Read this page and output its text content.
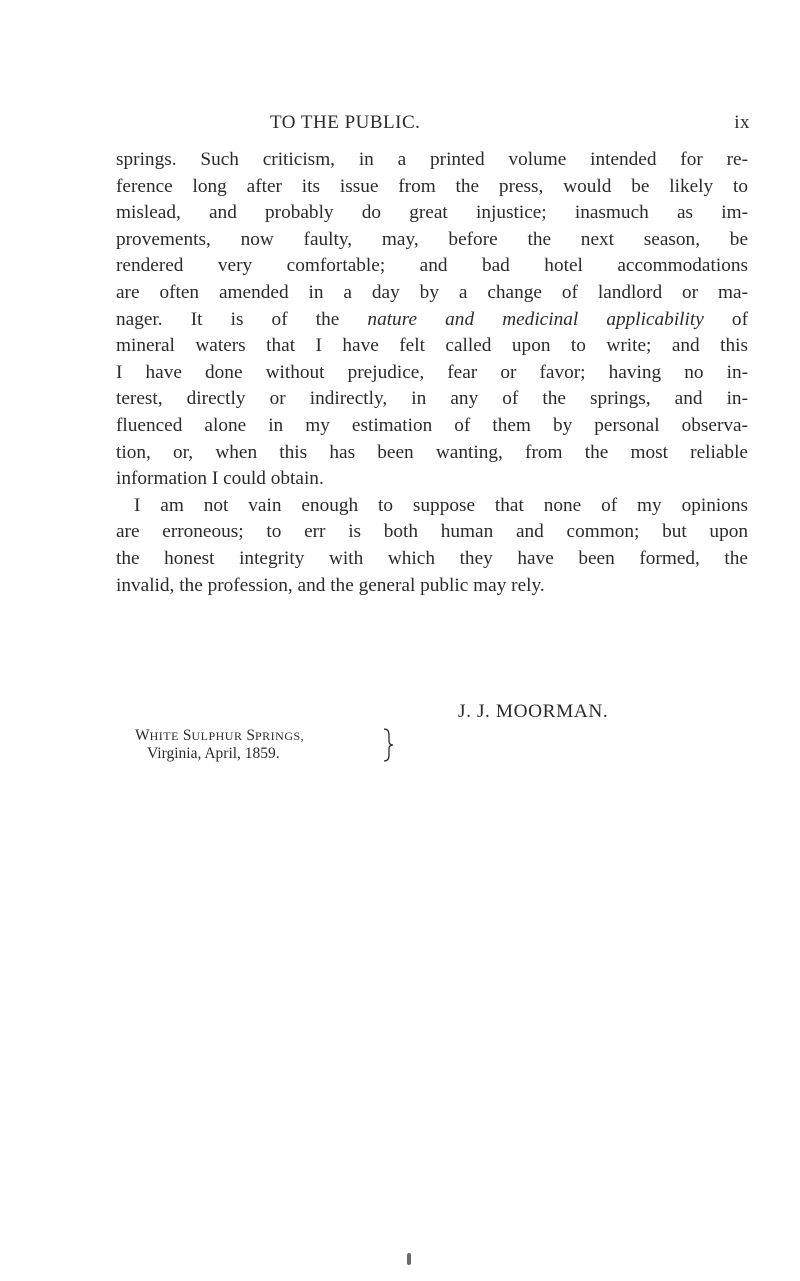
TO THE PUBLIC.	ix
springs. Such criticism, in a printed volume intended for re-
ference long after its issue from the press, would be likely to
mislead, and probably do great injustice; inasmuch as im-
provements, now faulty, may, before the next season, be
rendered very comfortable; and bad hotel accommodations
are often amended in a day by a change of landlord or ma-
nager. It is of the nature and medicinal applicability of
mineral waters that I have felt called upon to write; and this
I have done without prejudice, fear or favor; having no in-
terest, directly or indirectly, in any of the springs, and in-
fluenced alone in my estimation of them by personal observa-
tion, or, when this has been wanting, from the most reliable
information I could obtain.
I am not vain enough to suppose that none of my opinions
are erroneous; to err is both human and common; but upon
the honest integrity with which they have been formed, the
invalid, the profession, and the general public may rely.
J. J. MOORMAN.
WHITE SULPHUR SPRINGS,
Virginia, April, 1859.
